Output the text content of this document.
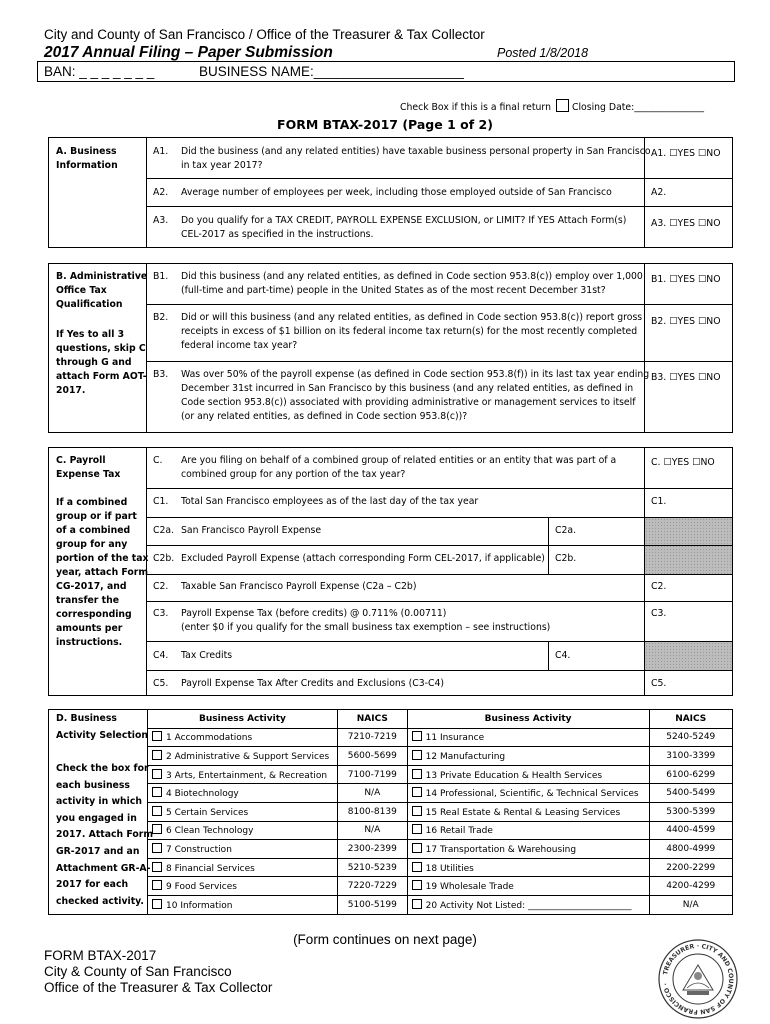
City and County of San Francisco / Office of the Treasurer & Tax Collector
2017 Annual Filing – Paper Submission	Posted 1/8/2018
BAN: _ _ _ _ _ _ _	BUSINESS NAME:____________________
Check Box if this is a final return Closing Date:_______________
FORM BTAX-2017 (Page 1 of 2)
A. Business
Information
A1. Did the business (and any related entities) have taxable business personal property in San Francisco
in tax year 2017?
A1. ☐YES ☐NO
A2. Average number of employees per week, including those employed outside of San Francisco	A2.
A3. Do you qualify for a TAX CREDIT, PAYROLL EXPENSE EXCLUSION, or LIMIT? If YES Attach Form(s)
CEL-2017 as specified in the instructions.
A3. ☐YES ☐NO
B. Administrative
Office Tax
Qualification
If Yes to all 3
questions, skip C
through G and
attach Form AOT-
2017.
B1. Did this business (and any related entities, as defined in Code section 953.8(c)) employ over 1,000
(full-time and part-time) people in the United States as of the most recent December 31st?
B1. ☐YES ☐NO
B2. Did or will this business (and any related entities, as defined in Code section 953.8(c)) report gross
receipts in excess of $1 billion on its federal income tax return(s) for the most recently completed
federal income tax year?
B2. ☐YES ☐NO
B3. Was over 50% of the payroll expense (as defined in Code section 953.8(f)) in its last tax year ending
December 31st incurred in San Francisco by this business (and any related entities, as defined in
Code section 953.8(c)) associated with providing administrative or management services to itself
(or any related entities, as defined in Code section 953.8(c))?
B3. ☐YES ☐NO
C. Payroll
Expense Tax
If a combined
group or if part
of a combined
group for any
portion of the tax
year, attach Form
CG-2017, and
transfer the
corresponding
amounts per
instructions.
C. Are you filing on behalf of a combined group of related entities or an entity that was part of a
combined group for any portion of the tax year?
C. ☐YES ☐NO
C1. Total San Francisco employees as of the last day of the tax year	C1.
C2a. San Francisco Payroll Expense	C2a.
C2b. Excluded Payroll Expense (attach corresponding Form CEL-2017, if applicable) C2b.
C2. Taxable San Francisco Payroll Expense (C2a – C2b)	C2.
C3. Payroll Expense Tax (before credits) @ 0.711% (0.00711)
(enter $0 if you qualify for the small business tax exemption – see instructions)
C3.
C4. Tax Credits	C4.
C5. Payroll Expense Tax After Credits and Exclusions (C3-C4)	C5.
D. Business
Activity Selection
Check the box for
each business
activity in which
you engaged in
2017. Attach Form
GR-2017 and an
Attachment GR-A-
2017 for each
checked activity.
Business Activity	NAICS	Business Activity	NAICS
1 Accommodations	7210-7219	11 Insurance	5240-5249
2 Administrative & Support Services	5600-5699	12 Manufacturing	3100-3399
3 Arts, Entertainment, & Recreation	7100-7199	13 Private Education & Health Services	6100-6299
4 Biotechnology	N/A	14 Professional, Scientific, & Technical Services	5400-5499
5 Certain Services	8100-8139	15 Real Estate & Rental & Leasing Services	5300-5399
6 Clean Technology	N/A	16 Retail Trade	4400-4599
7 Construction	2300-2399	17 Transportation & Warehousing	4800-4999
8 Financial Services	5210-5239	18 Utilities	2200-2299
9 Food Services	7220-7229	19 Wholesale Trade	4200-4299
10 Information	5100-5199	20 Activity Not Listed: _______________________	N/A
(Form continues on next page)
FORM BTAX-2017
City & County of San Francisco
Office of the Treasurer & Tax Collector
TREASURER · CITY AND COUNTY OF SAN FRANCISCO ·
